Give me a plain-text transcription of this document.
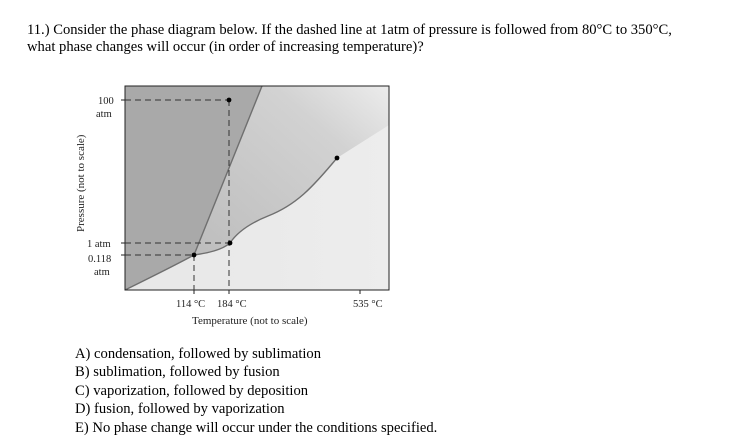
11.) Consider the phase diagram below. If the dashed line at 1atm of pressure is followed from 80°C to 350°C,
what phase changes will occur (in order of increasing temperature)?
100
atm
1 atm
0.118
atm
114 °C 184 °C	535 °C
Temperature (not to scale)
Pressure (not to scale)
A) condensation, followed by sublimation
B) sublimation, followed by fusion
C) vaporization, followed by deposition
D) fusion, followed by vaporization
E) No phase change will occur under the conditions specified.
